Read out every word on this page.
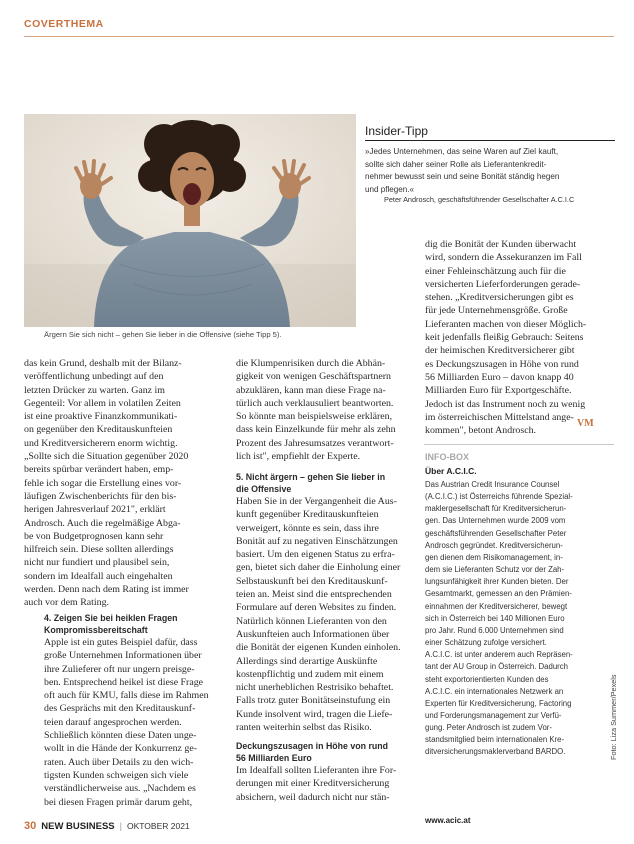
COVERTHEMA
Ärgern Sie sich nicht – gehen Sie lieber in die Offensive (siehe Tipp 5).
Insider-Tipp
»Jedes Unternehmen, das seine Waren auf Ziel kauft,
sollte sich daher seiner Rolle als Lieferantenkredit-
nehmer bewusst sein und seine Bonität ständig hegen
und pflegen.«
Peter Androsch, geschäftsführender Gesellschafter A.C.I.C
das kein Grund, deshalb mit der Bilanz-
veröffentlichung unbedingt auf den
letzten Drücker zu warten. Ganz im
Gegenteil: Vor allem in volatilen Zeiten
ist eine proaktive Finanzkommunikati-
on gegenüber den Kreditauskunfteien
und Kreditversicherern enorm wichtig.
„Sollte sich die Situation gegenüber 2020
bereits spürbar verändert haben, emp-
fehle ich sogar die Erstellung eines vor-
läufigen Zwischenberichts für den bis-
herigen Jahresverlauf 2021", erklärt
Androsch. Auch die regelmäßige Abga-
be von Budgetprognosen kann sehr
hilfreich sein. Diese sollten allerdings
nicht nur fundiert und plausibel sein,
sondern im Idealfall auch eingehalten
werden. Denn nach dem Rating ist immer
auch vor dem Rating.
4. Zeigen Sie bei heiklen Fragen
Kompromissbereitschaft
Apple ist ein gutes Beispiel dafür, dass
große Unternehmen Informationen über
ihre Zulieferer oft nur ungern preisge-
ben. Entsprechend heikel ist diese Frage
oft auch für KMU, falls diese im Rahmen
des Gesprächs mit den Kreditauskunf-
teien darauf angesprochen werden.
Schließlich könnten diese Daten unge-
wollt in die Hände der Konkurrenz ge-
raten. Auch über Details zu den wich-
tigsten Kunden schweigen sich viele
verständlicherweise aus. „Nachdem es
bei diesen Fragen primär darum geht,
die Klumpenrisiken durch die Abhän-
gigkeit von wenigen Geschäftspartnern
abzuklären, kann man diese Frage na-
türlich auch verklausuliert beantworten.
So könnte man beispielsweise erklären,
dass kein Einzelkunde für mehr als zehn
Prozent des Jahresumsatzes verantwort-
lich ist", empfiehlt der Experte.
5. Nicht ärgern – gehen Sie lieber in
die Offensive
Haben Sie in der Vergangenheit die Aus-
kunft gegenüber Kreditauskunfteien
verweigert, könnte es sein, dass ihre
Bonität auf zu negativen Einschätzungen
basiert. Um den eigenen Status zu erfra-
gen, bietet sich daher die Einholung einer
Selbstauskunft bei den Kreditauskunf-
teien an. Meist sind die entsprechenden
Formulare auf deren Websites zu finden.
Natürlich können Lieferanten von den
Auskunfteien auch Informationen über
die Bonität der eigenen Kunden einholen.
Allerdings sind derartige Auskünfte
kostenpflichtig und zudem mit einem
nicht unerheblichen Restrisiko behaftet.
Falls trotz guter Bonitätseinstufung ein
Kunde insolvent wird, tragen die Liefe-
ranten weiterhin selbst das Risiko.
Deckungszusagen in Höhe von rund
56 Milliarden Euro
Im Idealfall sollten Lieferanten ihre For-
derungen mit einer Kreditversicherung
absichern, weil dadurch nicht nur stän-
dig die Bonität der Kunden überwacht
wird, sondern die Assekuranzen im Fall
einer Fehleinschätzung auch für die
versicherten Lieferforderungen gerade-
stehen. „Kreditversicherungen gibt es
für jede Unternehmensgröße. Große
Lieferanten machen von dieser Möglich-
keit jedenfalls fleißig Gebrauch: Seitens
der heimischen Kreditversicherer gibt
es Deckungszusagen in Höhe von rund
56 Milliarden Euro – davon knapp 40
Milliarden Euro für Exportgeschäfte.
Jedoch ist das Instrument noch zu wenig
im österreichischen Mittelstand ange-
kommen", betont Androsch.
VM
INFO-BOX
Über A.C.I.C.
Das Austrian Credit Insurance Counsel
(A.C.I.C.) ist Österreichs führende Spezial-
maklergesellschaft für Kreditversicherun-
gen. Das Unternehmen wurde 2009 vom
geschäftsführenden Gesellschafter Peter
Androsch gegründet. Kreditversicherun-
gen dienen dem Risikomanagement, in-
dem sie Lieferanten Schutz vor der Zah-
lungsunfähigkeit ihrer Kunden bieten. Der
Gesamtmarkt, gemessen an den Prämien-
einnahmen der Kreditversicherer, bewegt
sich in Österreich bei 140 Millionen Euro
pro Jahr. Rund 6.000 Unternehmen sind
einer Schätzung zufolge versichert.
A.C.I.C. ist unter anderem auch Repräsen-
tant der AU Group in Österreich. Dadurch
steht exportorientierten Kunden des
A.C.I.C. ein internationales Netzwerk an
Experten für Kreditversicherung, Factoring
und Forderungsmanagement zur Verfü-
gung. Peter Androsch ist zudem Vor-
standsmitglied beim internationalen Kre-
ditversicherungsmaklerverband BARDO.
www.acic.at
Foto: Liza Summer/Pexels
30 NEW BUSINESS | OKTOBER 2021
